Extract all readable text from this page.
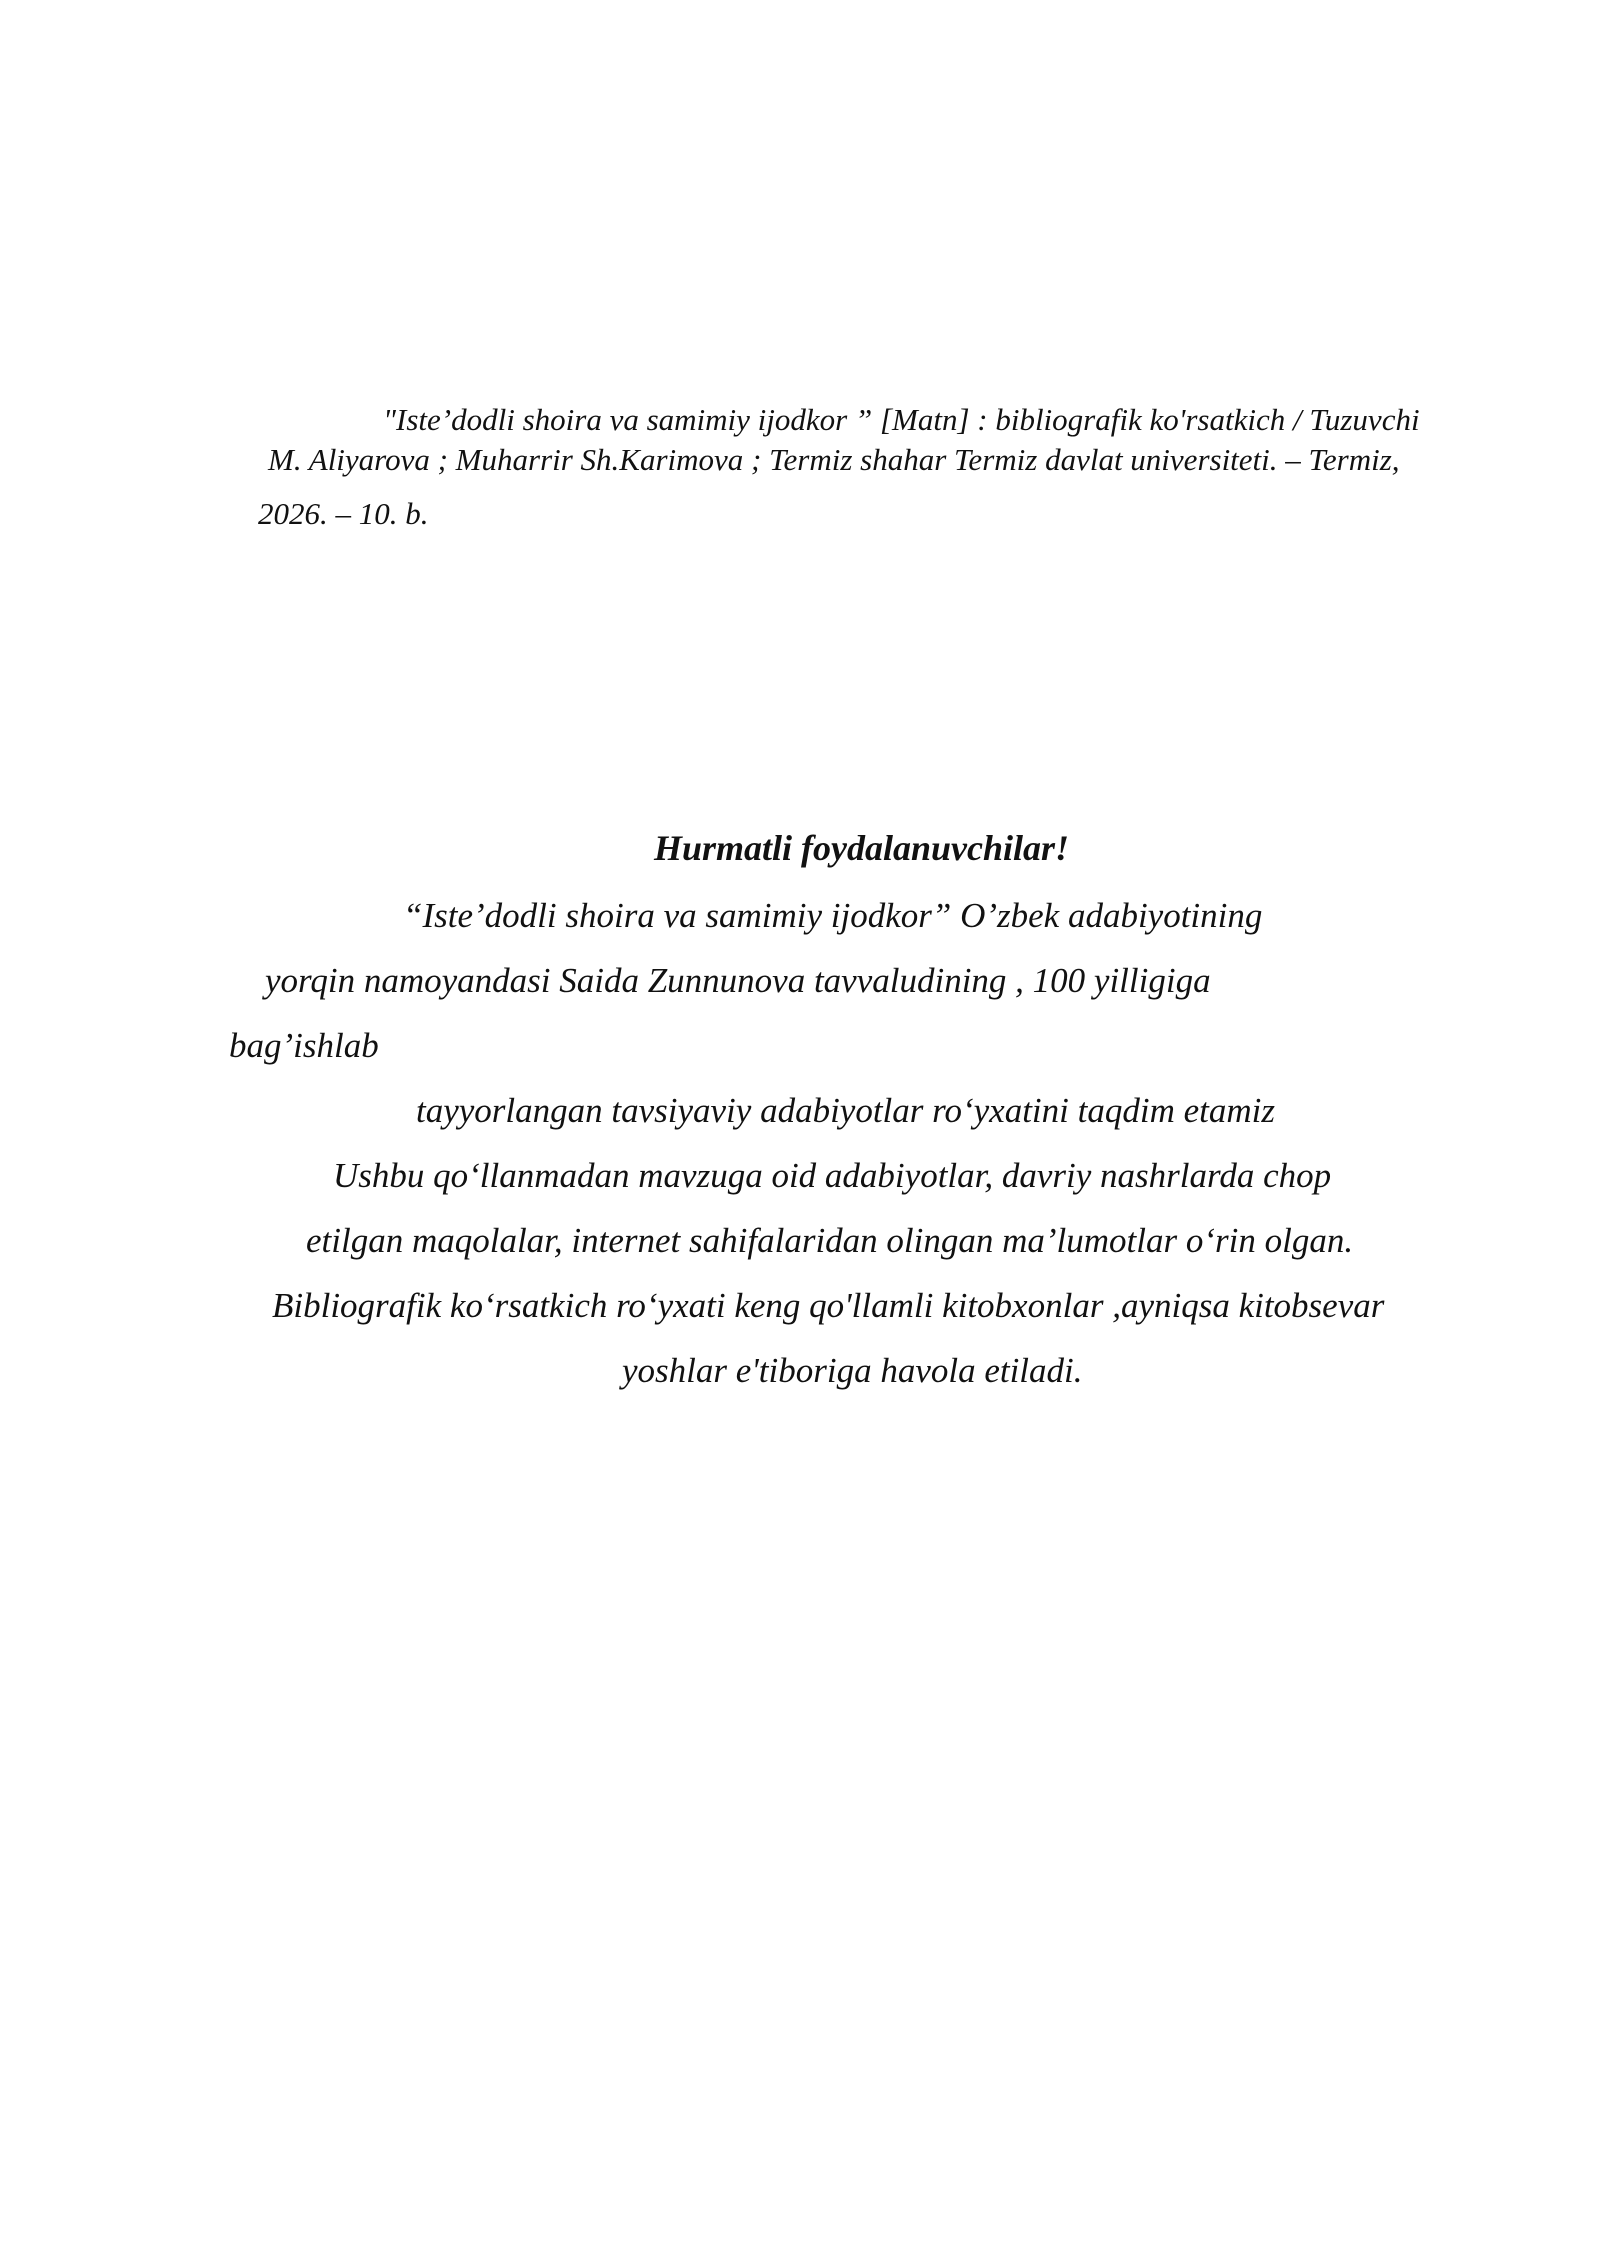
"Iste’dodli shoira va samimiy ijodkor ” [Matn] : bibliografik ko'rsatkich / Tuzuvchi
M. Aliyarova ; Muharrir Sh.Karimova ; Termiz shahar Termiz davlat universiteti. – Termiz,
2026. – 10. b.
Hurmatli foydalanuvchilar!
“Iste’dodli shoira va samimiy ijodkor” O’zbek adabiyotining
yorqin namoyandasi Saida Zunnunova tavvaludining , 100 yilligiga
bag’ishlab
tayyorlangan tavsiyaviy adabiyotlar ro‘yxatini taqdim etamiz
Ushbu qo‘llanmadan mavzuga oid adabiyotlar, davriy nashrlarda chop
etilgan maqolalar, internet sahifalaridan olingan ma’lumotlar o‘rin olgan.
Bibliografik ko‘rsatkich ro‘yxati keng qo'llamli kitobxonlar ,ayniqsa kitobsevar
yoshlar e'tiboriga havola etiladi.
